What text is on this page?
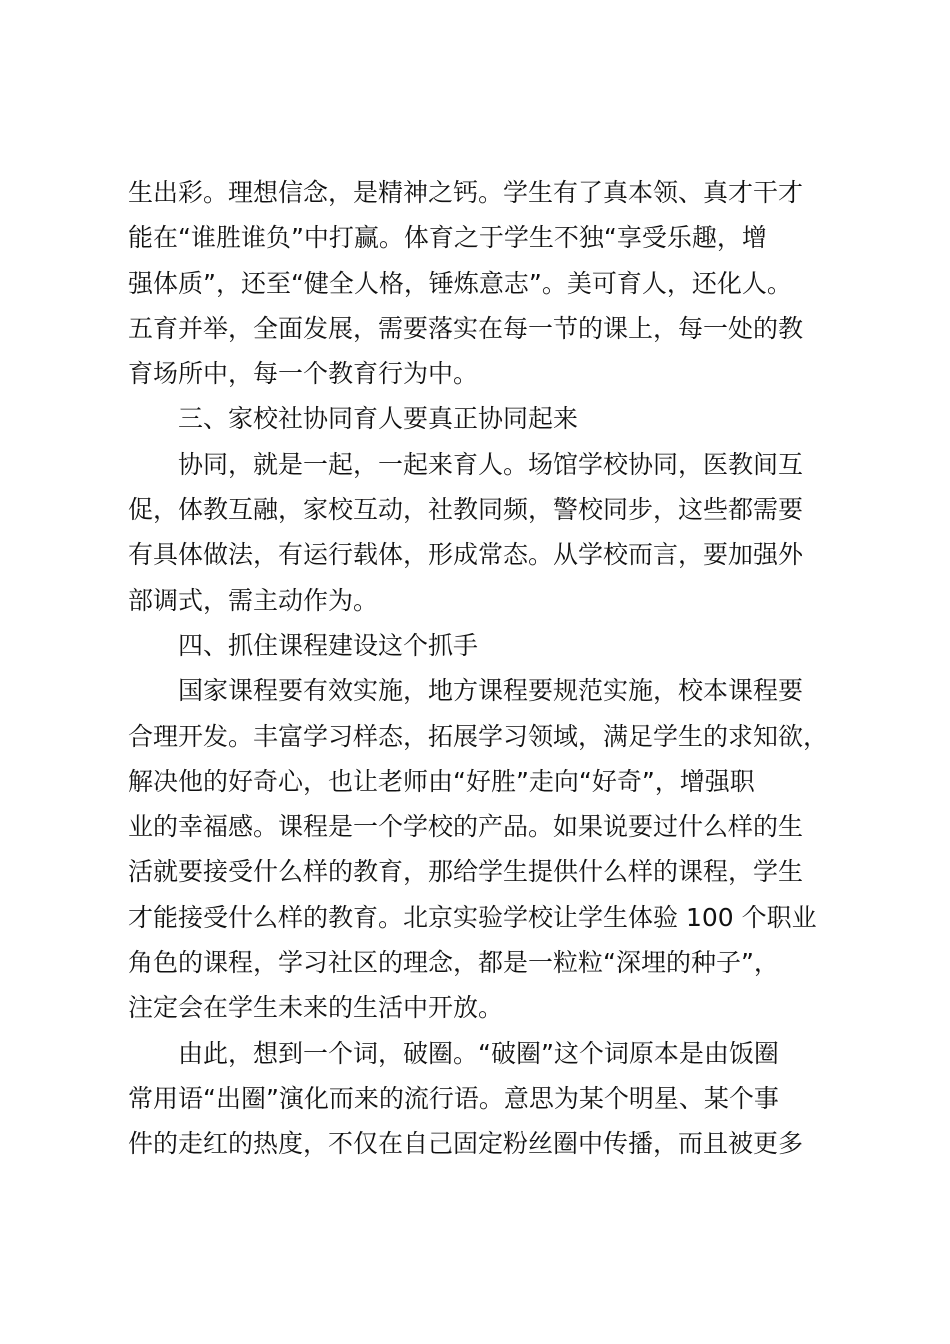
生出彩。理想信念，是精神之钙。学生有了真本领、真才干才
能在“谁胜谁负”中打赢。体育之于学生不独“享受乐趣，增
强体质”，还至“健全人格，锤炼意志”。美可育人，还化人。
五育并举，全面发展，需要落实在每一节的课上，每一处的教
育场所中，每一个教育行为中。
三、家校社协同育人要真正协同起来
协同，就是一起，一起来育人。场馆学校协同，医教间互
促，体教互融，家校互动，社教同频，警校同步，这些都需要
有具体做法，有运行载体，形成常态。从学校而言，要加强外
部调式，需主动作为。
四、抓住课程建设这个抓手
国家课程要有效实施，地方课程要规范实施，校本课程要
合理开发。丰富学习样态，拓展学习领域，满足学生的求知欲，
解决他的好奇心，也让老师由“好胜”走向“好奇”，增强职
业的幸福感。课程是一个学校的产品。如果说要过什么样的生
活就要接受什么样的教育，那给学生提供什么样的课程，学生
才能接受什么样的教育。北京实验学校让学生体验 100 个职业
角色的课程，学习社区的理念，都是一粒粒“深埋的种子”，
注定会在学生未来的生活中开放。
由此，想到一个词，破圈。“破圈”这个词原本是由饭圈
常用语“出圈”演化而来的流行语。意思为某个明星、某个事
件的走红的热度，不仅在自己固定粉丝圈中传播，而且被更多
